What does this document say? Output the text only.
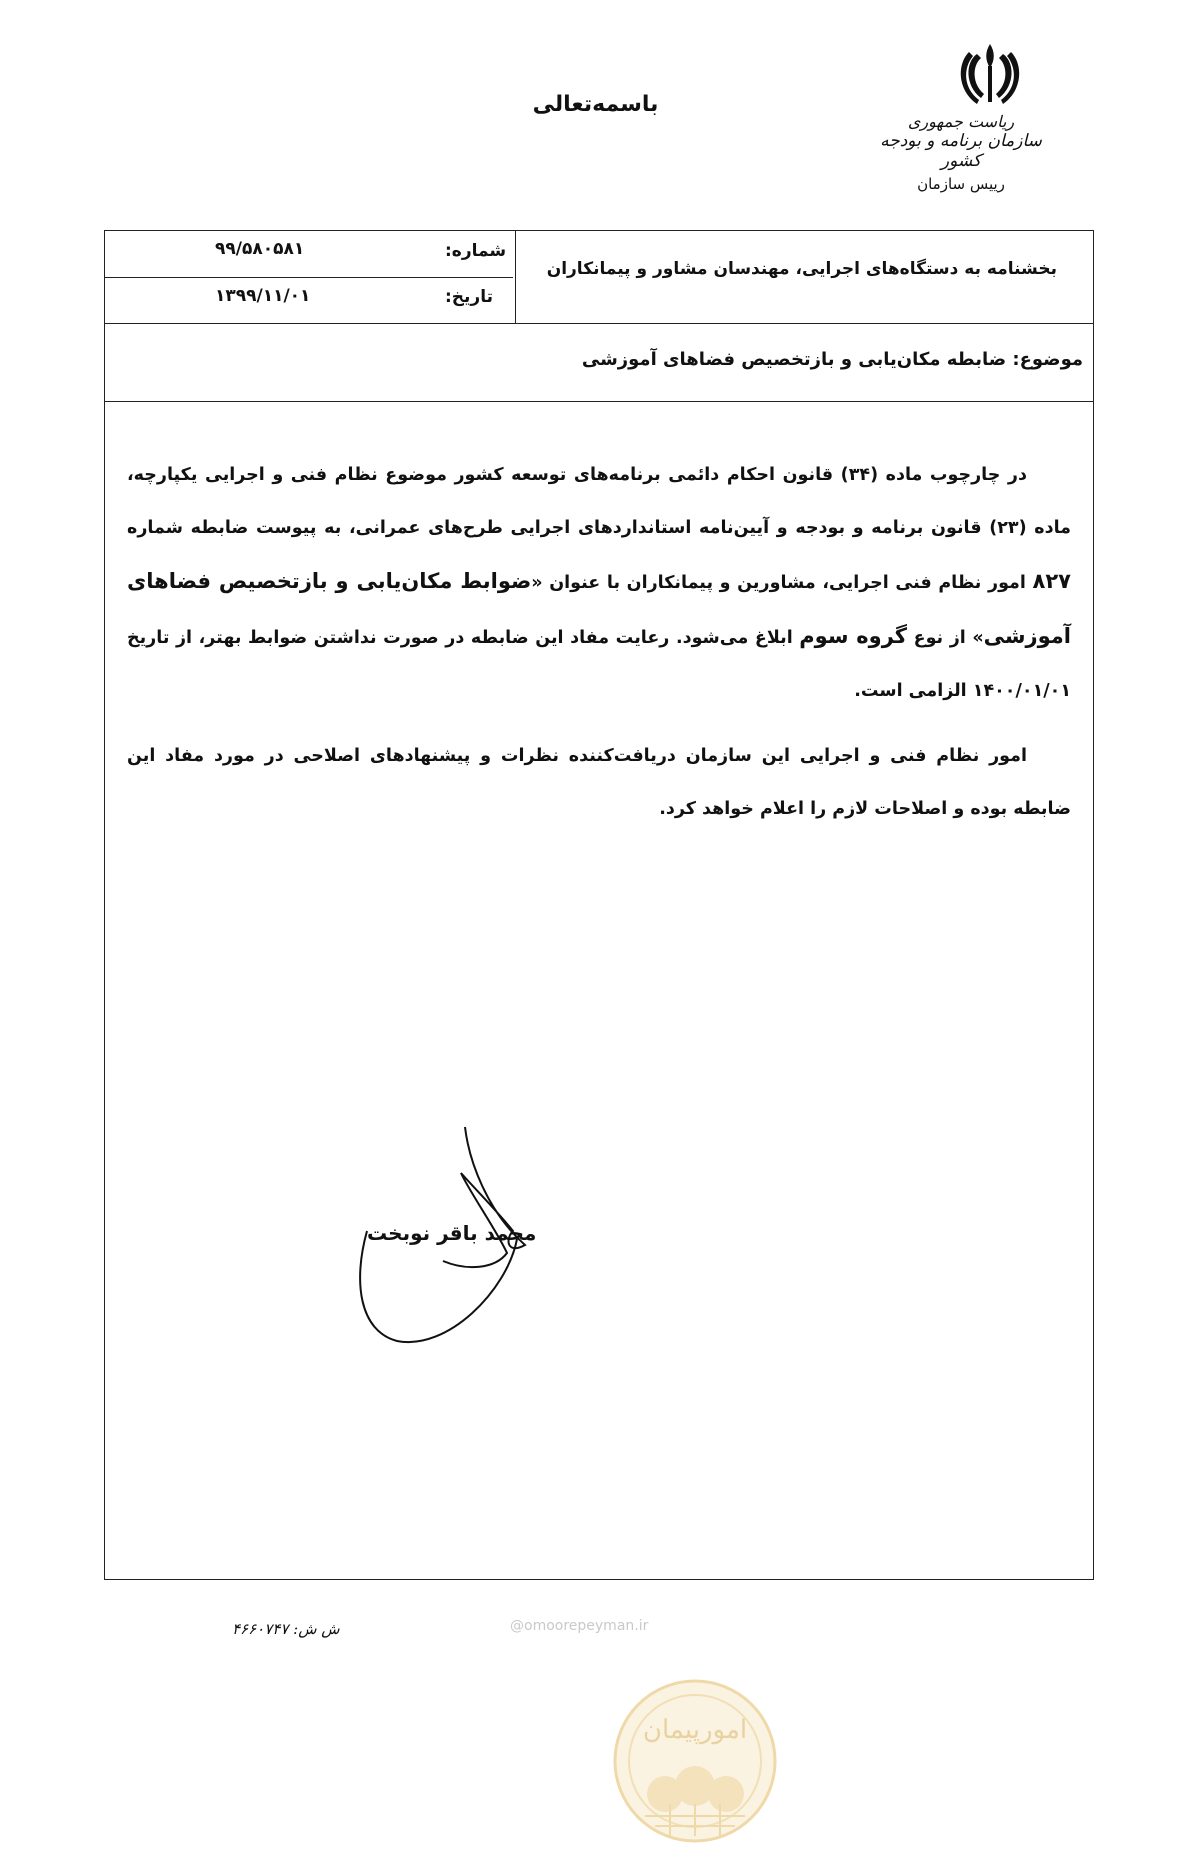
باسمه‌تعالی
ریاست جمهوری
سازمان برنامه و بودجه کشور
رییس سازمان
بخشنامه به دستگاه‌های اجرایی، مهندسان مشاور و پیمانکاران
شماره:
۹۹/۵۸۰۵۸۱
تاریخ:
۱۳۹۹/۱۱/۰۱
موضوع: ضابطه مکان‌یابی و بازتخصیص فضاهای آموزشی

در چارچوب ماده (۳۴) قانون احکام دائمی برنامه‌های توسعه کشور موضوع نظام فنی و اجرایی یکپارچه، ماده (۲۳) قانون برنامه و بودجه و آیین‌نامه استانداردهای اجرایی طرح‌های عمرانی، به پیوست ضابطه شماره ۸۲۷ امور نظام فنی اجرایی، مشاورین و پیمانکاران با عنوان «ضوابط مکان‌یابی و بازتخصیص فضاهای آموزشی» از نوع گروه سوم ابلاغ می‌شود. رعایت مفاد این ضابطه در صورت نداشتن ضوابط بهتر، از تاریخ ۱۴۰۰/۰۱/۰۱ الزامی است.

امور نظام فنی و اجرایی این سازمان دریافت‌کننده نظرات و پیشنهادهای اصلاحی در مورد مفاد این ضابطه بوده و اصلاحات لازم را اعلام خواهد کرد.

محمد باقر نوبخت
امورپیمان
@omoorepeyman.ir
ش ش: ۴۶۶۰۷۴۷
